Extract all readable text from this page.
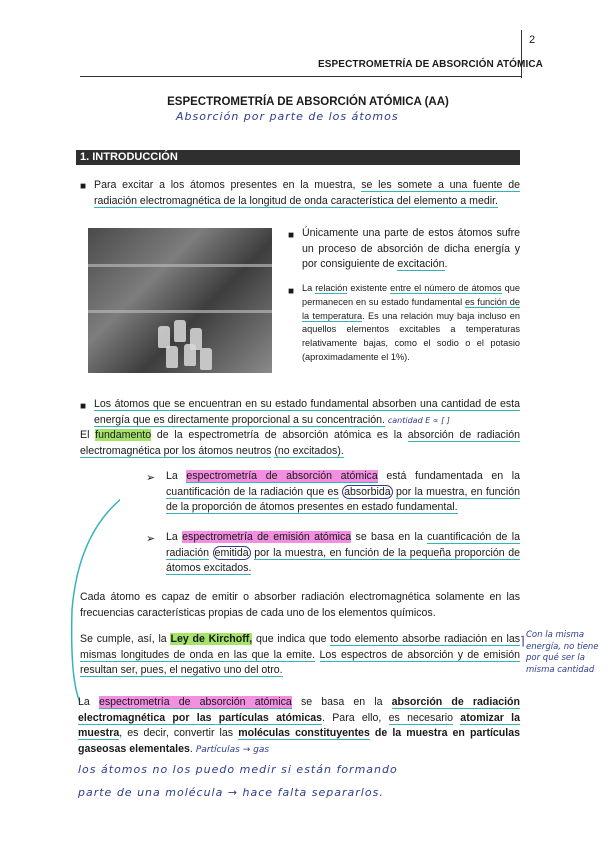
2
ESPECTROMETRÍA DE ABSORCIÓN ATÓMICA
ESPECTROMETRÍA DE ABSORCIÓN ATÓMICA (AA)
Absorción por parte de los átomos
1. INTRODUCCIÓN
■ Para excitar a los átomos presentes en la muestra, se les somete a una fuente de radiación electromagnética de la longitud de onda característica del elemento a medir.
■ Únicamente una parte de estos átomos sufre un proceso de absorción de dicha energía y por consiguiente de excitación.
■ La relación existente entre el número de átomos que permanecen en su estado fundamental es función de la temperatura. Es una relación muy baja incluso en aquellos elementos excitables a temperaturas relativamente bajas, como el sodio o el potasio (aproximadamente el 1%).
■ Los átomos que se encuentran en su estado fundamental absorben una cantidad de esta energía que es directamente proporcional a su concentración. cantidad E ∝ [ ]
El fundamento de la espectrometría de absorción atómica es la absorción de radiación electromagnética por los átomos neutros (no excitados).
➢ La espectrometría de absorción atómica está fundamentada en la cuantificación de la radiación que es absorbida por la muestra, en función de la proporción de átomos presentes en estado fundamental.
➢ La espectrometría de emisión atómica se basa en la cuantificación de la radiación emitida por la muestra, en función de la pequeña proporción de átomos excitados.
Cada átomo es capaz de emitir o absorber radiación electromagnética solamente en las frecuencias características propias de cada uno de los elementos químicos.
Se cumple, así, la Ley de Kirchoff, que indica que todo elemento absorbe radiación en las mismas longitudes de onda en las que la emite. Los espectros de absorción y de emisión resultan ser, pues, el negativo uno del otro.
⌉ Con la misma energía, no tiene por qué ser la misma cantidad
La espectrometría de absorción atómica se basa en la absorción de radiación electromagnética por las partículas atómicas. Para ello, es necesario atomizar la muestra, es decir, convertir las moléculas constituyentes de la muestra en partículas gaseosas elementales. Partículas → gas
los átomos no los puedo medir si están formando
parte de una molécula → hace falta separarlos.
